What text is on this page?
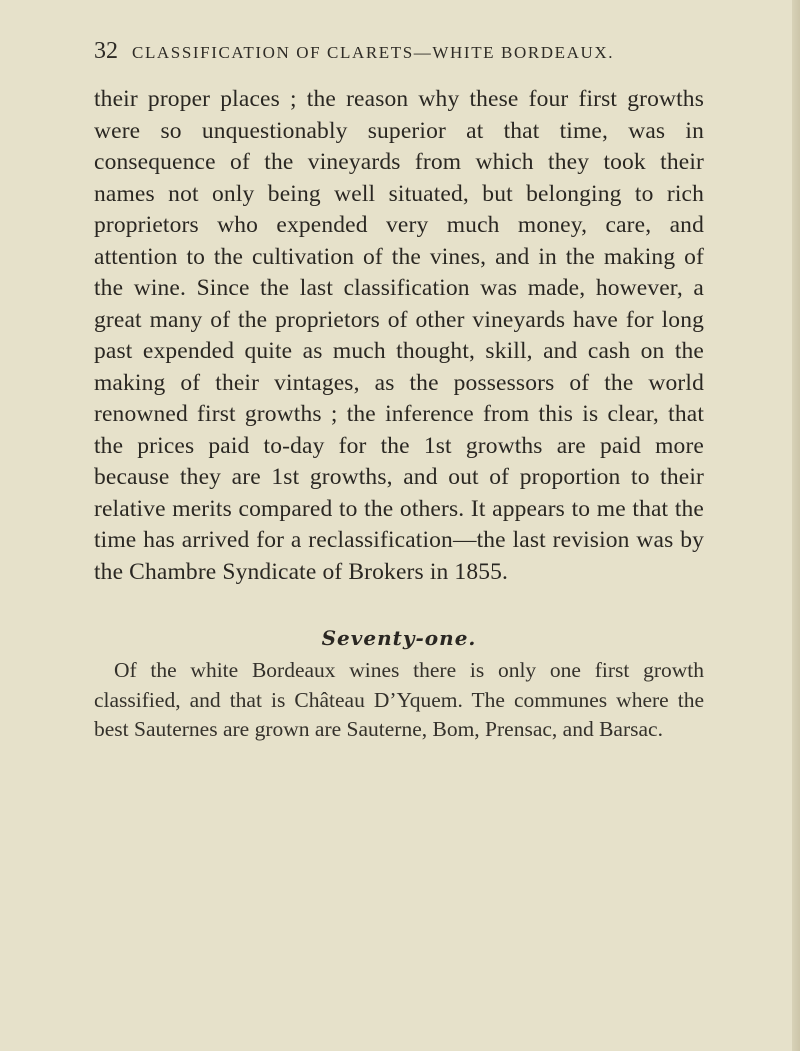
32 CLASSIFICATION OF CLARETS—WHITE BORDEAUX.

their proper places ; the reason why these four first growths were so unquestionably superior at that time, was in consequence of the vineyards from which they took their names not only being well situated, but belonging to rich proprietors who expended very much money, care, and attention to the cultivation of the vines, and in the making of the wine. Since the last classification was made, however, a great many of the proprietors of other vineyards have for long past expended quite as much thought, skill, and cash on the making of their vintages, as the possessors of the world renowned first growths ; the inference from this is clear, that the prices paid to-day for the 1st growths are paid more because they are 1st growths, and out of proportion to their relative merits compared to the others. It appears to me that the time has arrived for a reclassification—the last revision was by the Chambre Syndicate of Brokers in 1855.

Seventy-one.

Of the white Bordeaux wines there is only one first growth classified, and that is Château D’Yquem. The communes where the best Sauternes are grown are Sauterne, Bom, Prensac, and Barsac.
